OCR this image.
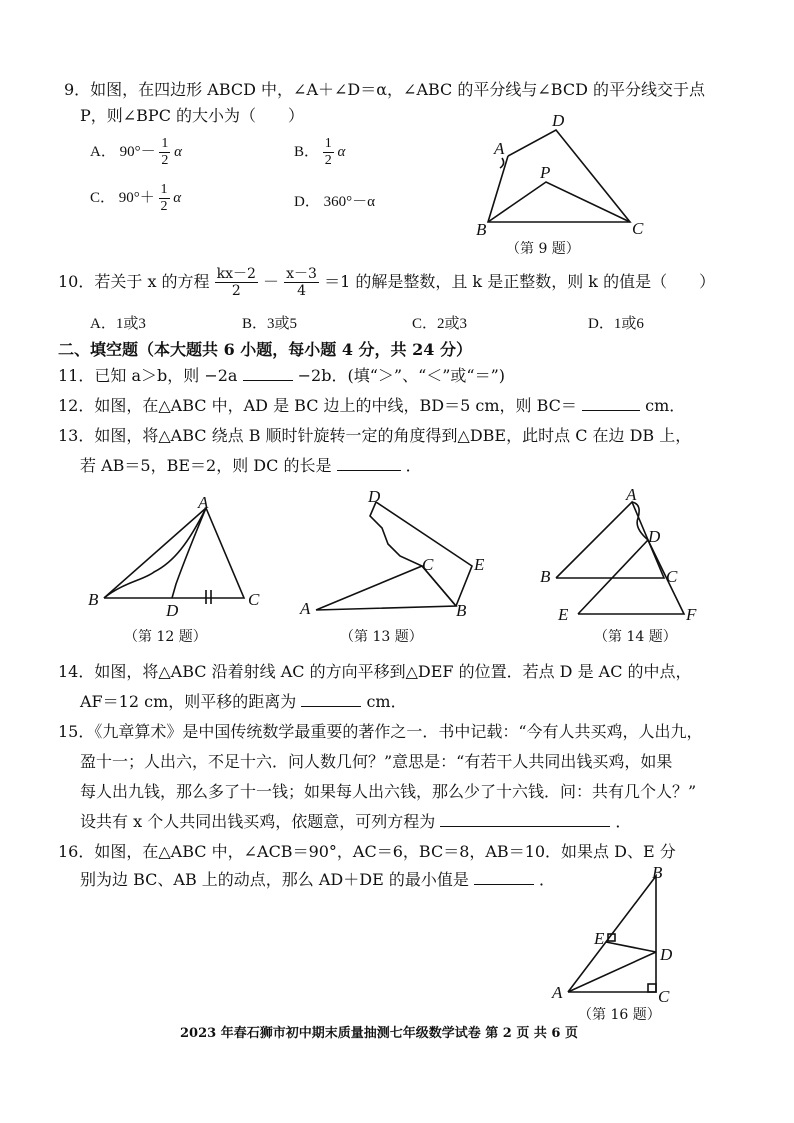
9．如图，在四边形 ABCD 中，∠A＋∠D＝α，∠ABC 的平分线与∠BCD 的平分线交于点
P，则∠BPC 的大小为（　　）
A． $90^\circ- \frac{1}{2}$ α	B． $\frac{1}{2}$ α
C． $90^\circ+ \frac{1}{2}$ α	D． 360°－α
A
D
P
B	C
（第 9 题）
10．若关于 x 的方程 $\frac{kx-2}{2} - \frac{x-3}{4} =1$ 的解是整数，且 k 是正整数，则 k 的值是（　　）
A．1或3	B．3或5	C．2或3	D．1或6
二、填空题（本大题共 6 小题，每小题 4 分，共 24 分）
11．已知 a＞b，则 −2a	−2b．(填“＞”、“＜”或“＝”)
12．如图，在△ABC 中，AD 是 BC 边上的中线，BD＝5 cm，则 BC＝	cm．
13．如图，将△ABC 绕点 B 顺时针旋转一定的角度得到△DBE，此时点 C 在边 DB 上，
若 AB＝5，BE＝2，则 DC 的长是	．
A
B
D
C
（第 12 题）
D
C E
A	B
（第 13 题）
A
D
B	C
E	F
（第 14 题）
14．如图，将△ABC 沿着射线 AC 的方向平移到△DEF 的位置．若点 D 是 AC 的中点，
AF＝12 cm，则平移的距离为	cm．
15．《九章算术》是中国传统数学最重要的著作之一．书中记载：“今有人共买鸡，人出九，
盈十一；人出六，不足十六．问人数几何？”意思是：“有若干人共同出钱买鸡，如果
每人出九钱，那么多了十一钱；如果每人出六钱，那么少了十六钱．问：共有几个人？”
设共有 x 个人共同出钱买鸡，依题意，可列方程为	．
16．如图，在△ABC 中，∠ACB＝90°，AC＝6，BC＝8，AB＝10．如果点 D、E 分
别为边 BC、AB 上的动点，那么 AD＋DE 的最小值是	．	B
E
D
A	C
（第 16 题）
2023 年春石狮市初中期末质量抽测七年级数学试卷 第 2 页 共 6 页
